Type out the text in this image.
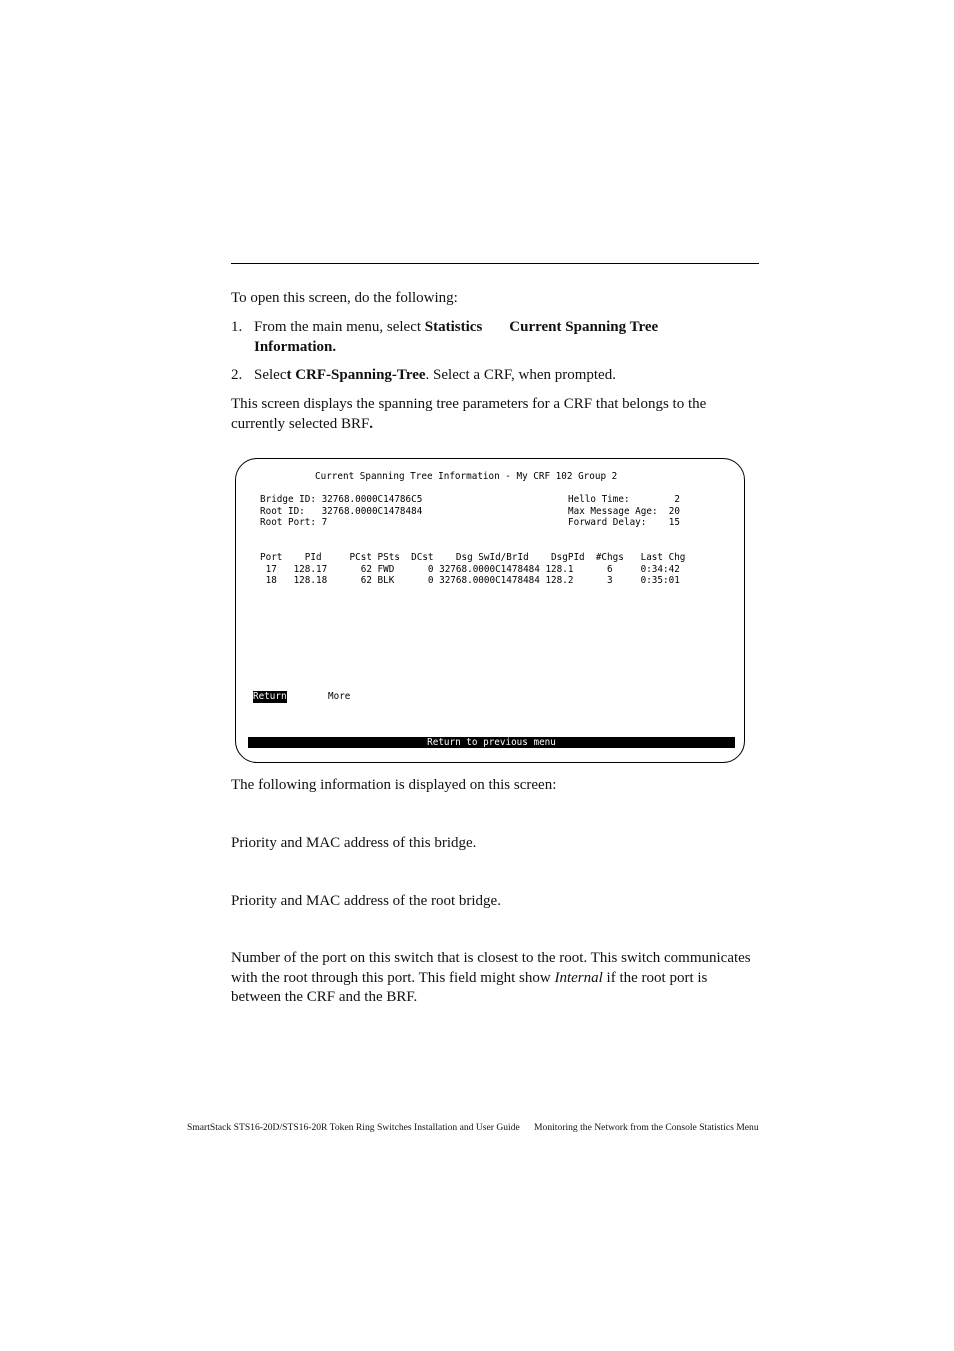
To open this screen, do the following:
1. From the main menu, select Statistics Current Spanning Tree
Information.
2. Select CRF-Spanning-Tree. Select a CRF, when prompted.
This screen displays the spanning tree parameters for a CRF that belongs to the currently selected BRF.
Current Spanning Tree Information - My CRF 102 Group 2
Bridge ID: 32768.0000C14786C5
Root ID:   32768.0000C1478484
Root Port: 7
Hello Time:        2
Max Message Age:  20
Forward Delay:    15
Port    PId     PCst PSts  DCst    Dsg SwId/BrId    DsgPId  #Chgs   Last Chg
17   128.17      62 FWD      0 32768.0000C1478484 128.1      6     0:34:42
18   128.18      62 BLK      0 32768.0000C1478484 128.2      3     0:35:01
Return	More
Return to previous menu
The following information is displayed on this screen:
Priority and MAC address of this bridge.
Priority and MAC address of the root bridge.
Number of the port on this switch that is closest to the root. This switch communicates with the root through this port. This field might show Internal if the root port is between the CRF and the BRF.
SmartStack STS16-20D/STS16-20R Token Ring Switches Installation and User Guide Monitoring the Network from the Console Statistics Menu
